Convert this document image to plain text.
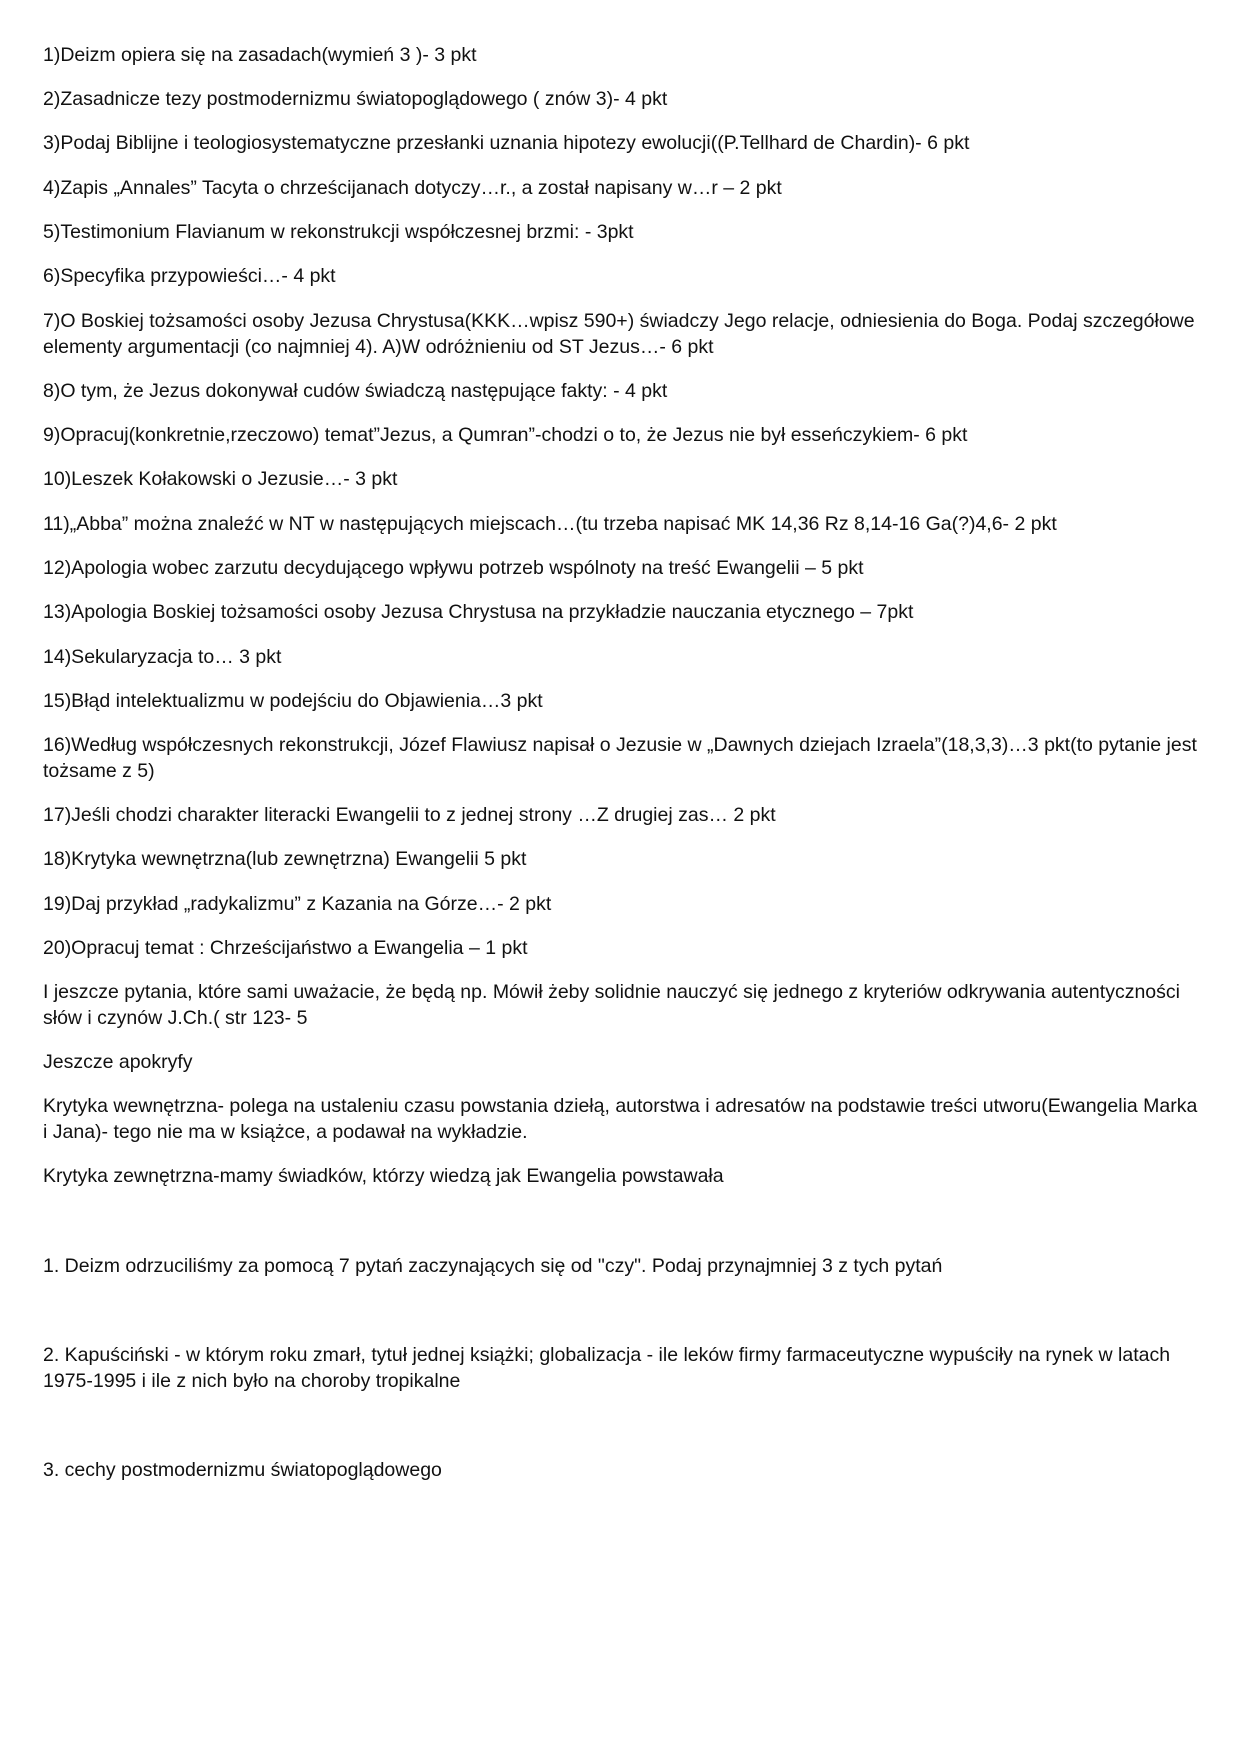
1)Deizm opiera się na zasadach(wymień 3 )- 3 pkt

2)Zasadnicze tezy postmodernizmu światopoglądowego ( znów 3)- 4 pkt

3)Podaj Biblijne i teologiosystematyczne przesłanki uznania hipotezy ewolucji((P.Tellhard de Chardin)- 6 pkt

4)Zapis „Annales” Tacyta o chrześcijanach dotyczy…r., a został napisany w…r – 2 pkt

5)Testimonium Flavianum w rekonstrukcji współczesnej brzmi: - 3pkt

6)Specyfika przypowieści…- 4 pkt

7)O Boskiej tożsamości osoby Jezusa Chrystusa(KKK…wpisz 590+) świadczy Jego relacje, odniesienia do Boga. Podaj szczegółowe elementy argumentacji (co najmniej 4). A)W odróżnieniu od ST Jezus…- 6 pkt

8)O tym, że Jezus dokonywał cudów świadczą następujące fakty: - 4 pkt

9)Opracuj(konkretnie,rzeczowo) temat”Jezus, a Qumran”-chodzi o to, że Jezus nie był esseńczykiem- 6 pkt

10)Leszek Kołakowski o Jezusie…- 3 pkt

11)„Abba” można znaleźć w NT w następujących miejscach…(tu trzeba napisać MK 14,36 Rz 8,14-16 Ga(?)4,6- 2 pkt

12)Apologia wobec zarzutu decydującego wpływu potrzeb wspólnoty na treść Ewangelii – 5 pkt

13)Apologia Boskiej tożsamości osoby Jezusa Chrystusa na przykładzie nauczania etycznego – 7pkt

14)Sekularyzacja to… 3 pkt

15)Błąd intelektualizmu w podejściu do Objawienia…3 pkt

16)Według współczesnych rekonstrukcji, Józef Flawiusz napisał o Jezusie w „Dawnych dziejach Izraela”(18,3,3)…3 pkt(to pytanie jest tożsame z 5)

17)Jeśli chodzi charakter literacki Ewangelii to z jednej strony …Z drugiej zas… 2 pkt

18)Krytyka wewnętrzna(lub zewnętrzna) Ewangelii 5 pkt

19)Daj przykład „radykalizmu” z Kazania na Górze…- 2 pkt

20)Opracuj temat : Chrześcijaństwo a Ewangelia – 1 pkt

I jeszcze pytania, które sami uważacie, że będą np. Mówił żeby solidnie nauczyć się jednego z kryteriów odkrywania autentyczności słów i czynów J.Ch.( str 123- 5

Jeszcze apokryfy

Krytyka wewnętrzna- polega na ustaleniu czasu powstania dziełą, autorstwa i adresatów na podstawie treści utworu(Ewangelia Marka i Jana)- tego nie ma w książce, a podawał na wykładzie.

Krytyka zewnętrzna-mamy świadków, którzy wiedzą jak Ewangelia powstawała

1. Deizm odrzuciliśmy za pomocą 7 pytań zaczynających się od "czy". Podaj przynajmniej 3 z tych pytań

2. Kapuściński - w którym roku zmarł, tytuł jednej książki; globalizacja - ile leków firmy farmaceutyczne wypuściły na rynek w latach 1975-1995 i ile z nich było na choroby tropikalne

3. cechy postmodernizmu światopoglądowego
